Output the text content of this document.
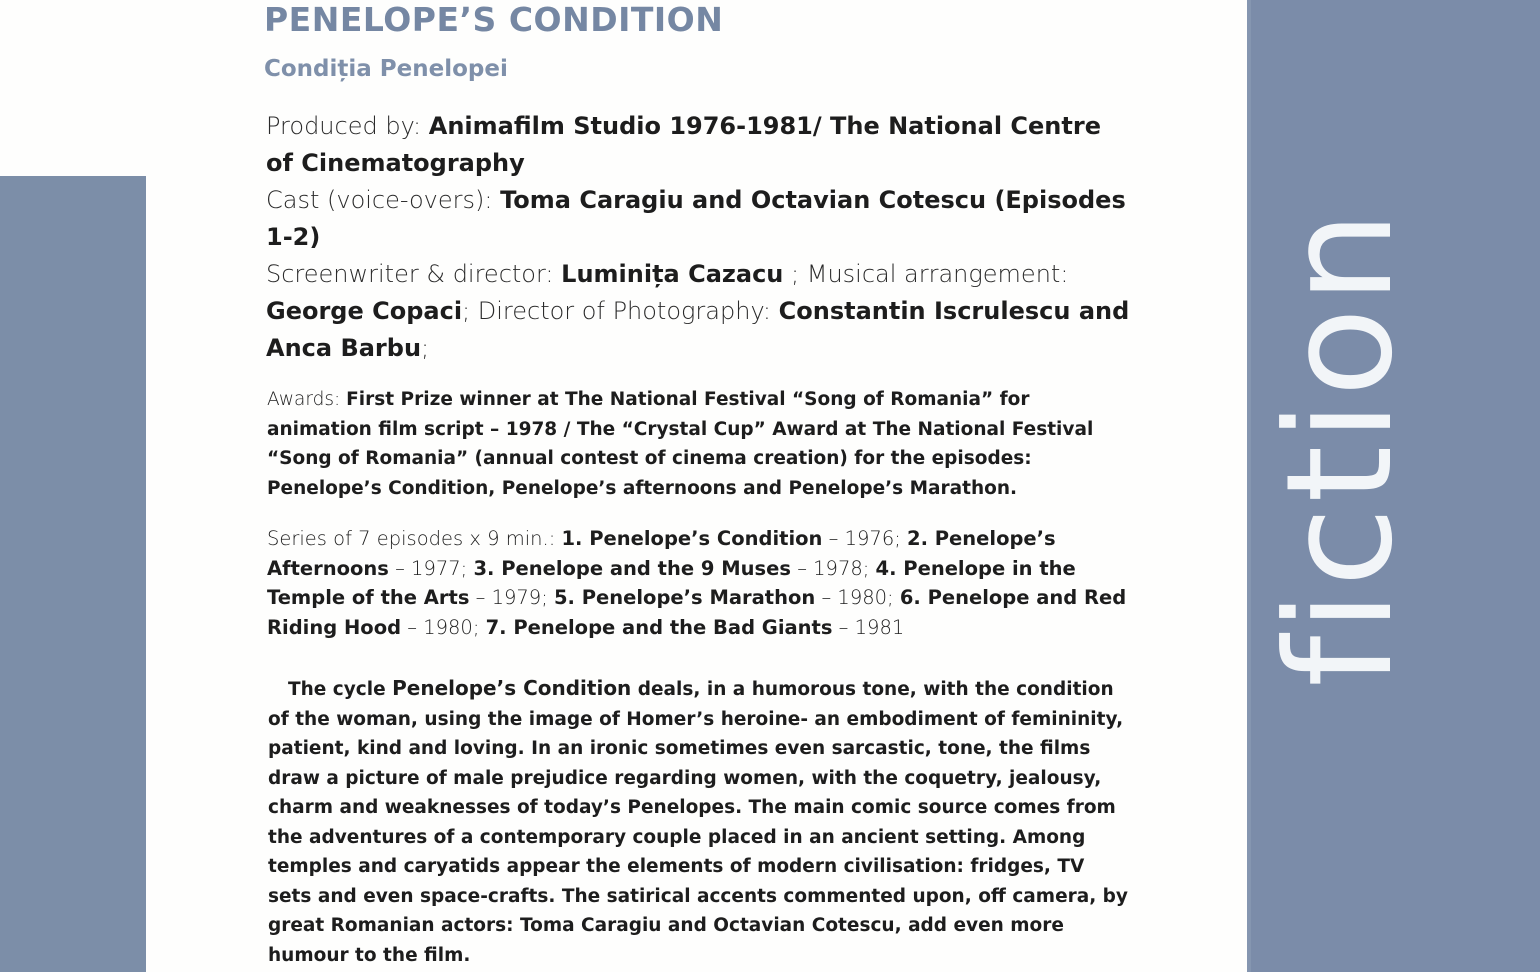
fiction
PENELOPE’S CONDITION
Condiția Penelopei
Produced by: Animafilm Studio 1976-1981/ The National Centre of Cinematography
Cast (voice-overs): Toma Caragiu and Octavian Cotescu (Episodes 1-2)
Screenwriter & director: Luminița Cazacu ; Musical arrangement:
George Copaci; Director of Photography: Constantin Iscrulescu and Anca Barbu;
Awards: First Prize winner at The National Festival “Song of Romania” for animation film script – 1978 / The “Crystal Cup” Award at The National Festival “Song of Romania” (annual contest of cinema creation) for the episodes: Penelope’s Condition, Penelope’s afternoons and Penelope’s Marathon.
Series of 7 episodes x 9 min.: 1. Penelope’s Condition – 1976; 2. Penelope’s Afternoons – 1977; 3. Penelope and the 9 Muses – 1978; 4. Penelope in the Temple of the Arts – 1979; 5. Penelope’s Marathon – 1980; 6. Penelope and Red Riding Hood – 1980; 7. Penelope and the Bad Giants – 1981
The cycle Penelope’s Condition deals, in a humorous tone, with the condition of the woman, using the image of Homer’s heroine- an embodiment of femininity, patient, kind and loving. In an ironic sometimes even sarcastic, tone, the films draw a picture of male prejudice regarding women, with the coquetry, jealousy, charm and weaknesses of today’s Penelopes. The main comic source comes from the adventures of a contemporary couple placed in an ancient setting. Among temples and caryatids appear the elements of modern civilisation: fridges, TV sets and even space-crafts. The satirical accents commented upon, off camera, by great Romanian actors: Toma Caragiu and Octavian Cotescu, add even more humour to the film.
